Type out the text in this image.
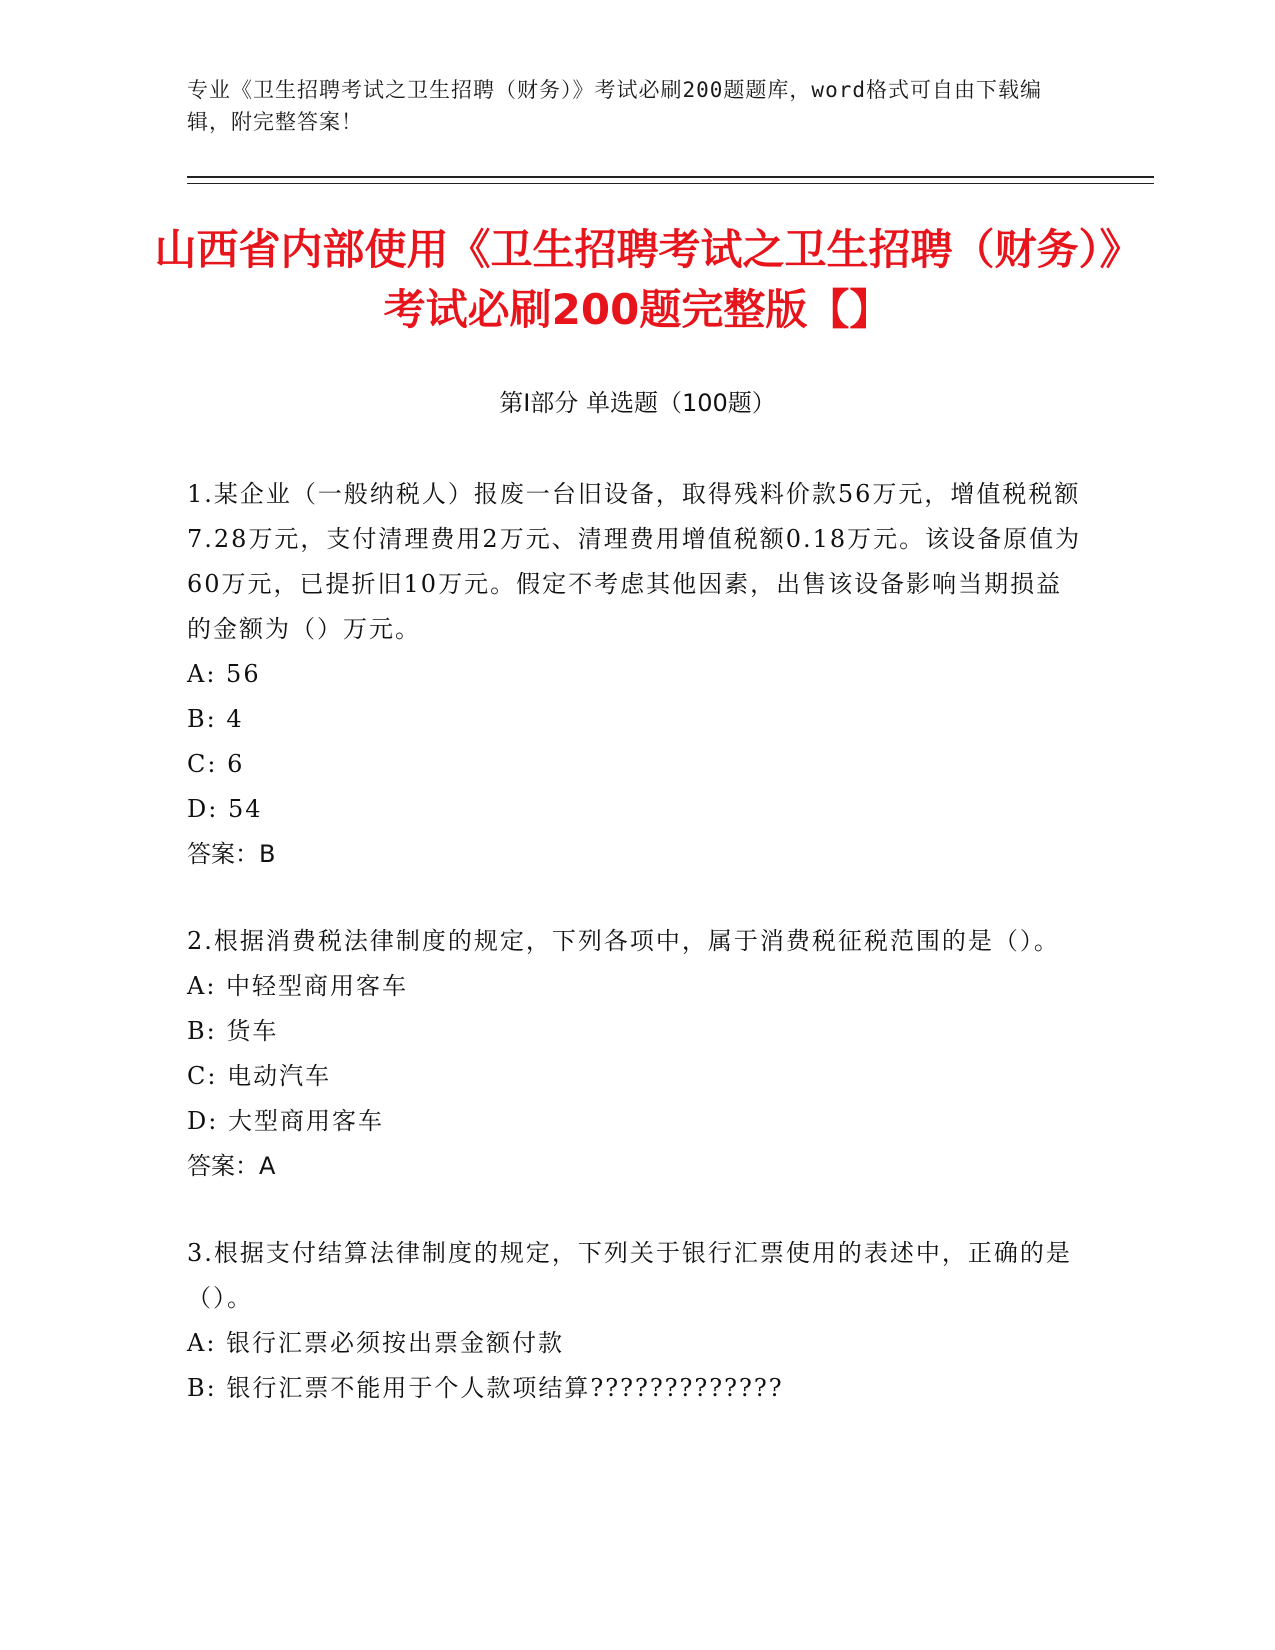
专业《卫生招聘考试之卫生招聘（财务）》考试必刷200题题库，word格式可自由下载编辑，附完整答案！
山西省内部使用《卫生招聘考试之卫生招聘（财务）》考试必刷200题完整版【】
第I部分 单选题（100题）
1.某企业（一般纳税人）报废一台旧设备，取得残料价款56万元，增值税税额7.28万元，支付清理费用2万元、清理费用增值税额0.18万元。该设备原值为60万元，已提折旧10万元。假定不考虑其他因素，出售该设备影响当期损益的金额为（）万元。
A: 56
B: 4
C: 6
D: 54
答案：B
2.根据消费税法律制度的规定，下列各项中，属于消费税征税范围的是（）。
A: 中轻型商用客车
B: 货车
C: 电动汽车
D: 大型商用客车
答案：A
3.根据支付结算法律制度的规定，下列关于银行汇票使用的表述中，正确的是（）。
A: 银行汇票必须按出票金额付款
B: 银行汇票不能用于个人款项结算?????????????
